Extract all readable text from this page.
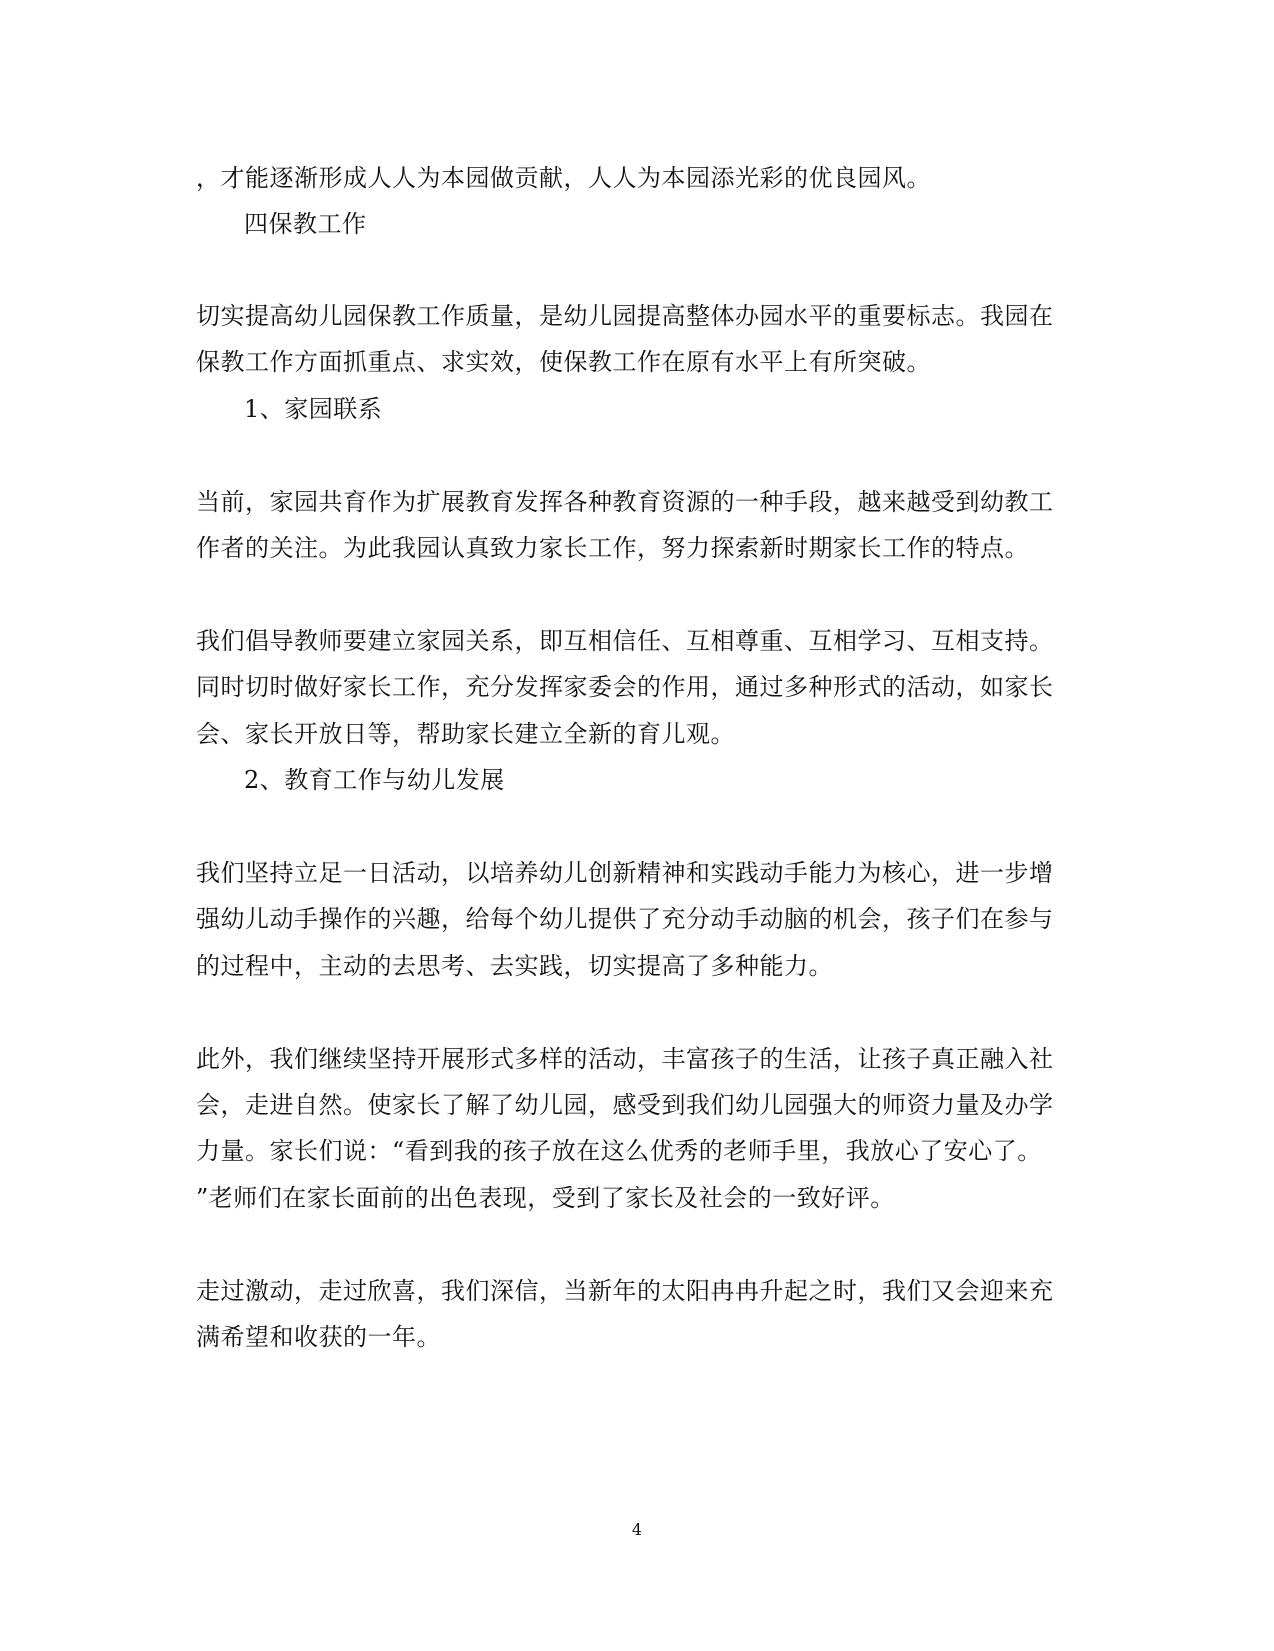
，才能逐渐形成人人为本园做贡献，人人为本园添光彩的优良园风。
四保教工作
切实提高幼儿园保教工作质量，是幼儿园提高整体办园水平的重要标志。我园在
保教工作方面抓重点、求实效，使保教工作在原有水平上有所突破。
1、家园联系
当前，家园共育作为扩展教育发挥各种教育资源的一种手段，越来越受到幼教工
作者的关注。为此我园认真致力家长工作，努力探索新时期家长工作的特点。
我们倡导教师要建立家园关系，即互相信任、互相尊重、互相学习、互相支持。
同时切时做好家长工作，充分发挥家委会的作用，通过多种形式的活动，如家长
会、家长开放日等，帮助家长建立全新的育儿观。
2、教育工作与幼儿发展
我们坚持立足一日活动，以培养幼儿创新精神和实践动手能力为核心，进一步增
强幼儿动手操作的兴趣，给每个幼儿提供了充分动手动脑的机会，孩子们在参与
的过程中，主动的去思考、去实践，切实提高了多种能力。
此外，我们继续坚持开展形式多样的活动，丰富孩子的生活，让孩子真正融入社
会，走进自然。使家长了解了幼儿园，感受到我们幼儿园强大的师资力量及办学
力量。家长们说：“看到我的孩子放在这么优秀的老师手里，我放心了安心了。
”老师们在家长面前的出色表现，受到了家长及社会的一致好评。
走过激动，走过欣喜，我们深信，当新年的太阳冉冉升起之时，我们又会迎来充
满希望和收获的一年。
4
